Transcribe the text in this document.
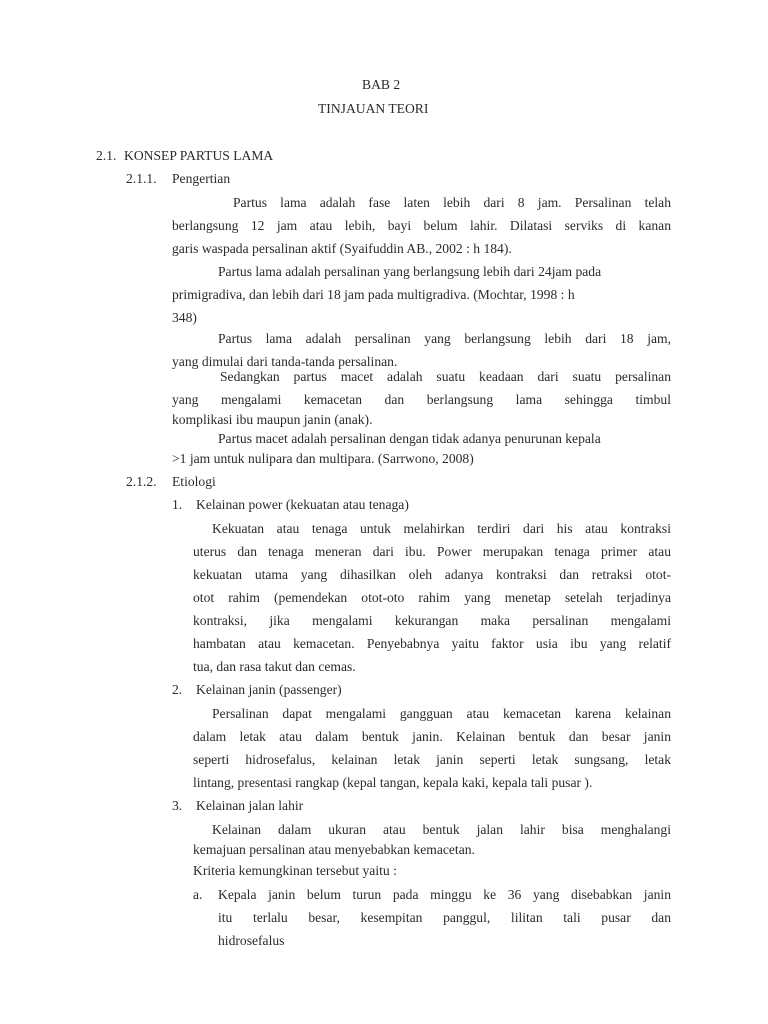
BAB 2
TINJAUAN TEORI
2.1. KONSEP PARTUS LAMA
2.1.1. Pengertian
Partus lama adalah fase laten lebih dari 8 jam. Persalinan telah
berlangsung 12 jam atau lebih, bayi belum lahir. Dilatasi serviks di kanan
garis waspada persalinan aktif (Syaifuddin AB., 2002 : h 184).
Partus lama adalah persalinan yang berlangsung lebih dari 24jam pada
primigradiva, dan lebih dari 18 jam pada multigradiva. (Mochtar, 1998 : h
348)
Partus lama adalah persalinan yang berlangsung lebih dari 18 jam,
yang dimulai dari tanda-tanda persalinan.
Sedangkan partus macet adalah suatu keadaan dari suatu persalinan
yang mengalami kemacetan dan berlangsung lama sehingga timbul
komplikasi ibu maupun janin (anak).
Partus macet adalah persalinan dengan tidak adanya penurunan kepala
>1 jam untuk nulipara dan multipara. (Sarrwono, 2008)
2.1.2. Etiologi
1. Kelainan power (kekuatan atau tenaga)
Kekuatan atau tenaga untuk melahirkan terdiri dari his atau kontraksi
uterus dan tenaga meneran dari ibu. Power merupakan tenaga primer atau
kekuatan utama yang dihasilkan oleh adanya kontraksi dan retraksi otot-
otot rahim (pemendekan otot-oto rahim yang menetap setelah terjadinya
kontraksi, jika mengalami kekurangan maka persalinan mengalami
hambatan atau kemacetan. Penyebabnya yaitu faktor usia ibu yang relatif
tua, dan rasa takut dan cemas.
2. Kelainan janin (passenger)
Persalinan dapat mengalami gangguan atau kemacetan karena kelainan
dalam letak atau dalam bentuk janin. Kelainan bentuk dan besar janin
seperti hidrosefalus, kelainan letak janin seperti letak sungsang, letak
lintang, presentasi rangkap (kepal tangan, kepala kaki, kepala tali pusar ).
3. Kelainan jalan lahir
Kelainan dalam ukuran atau bentuk jalan lahir bisa menghalangi
kemajuan persalinan atau menyebabkan kemacetan.
Kriteria kemungkinan tersebut yaitu :
a. Kepala janin belum turun pada minggu ke 36 yang disebabkan janin
itu terlalu besar, kesempitan panggul, lilitan tali pusar dan
hidrosefalus
